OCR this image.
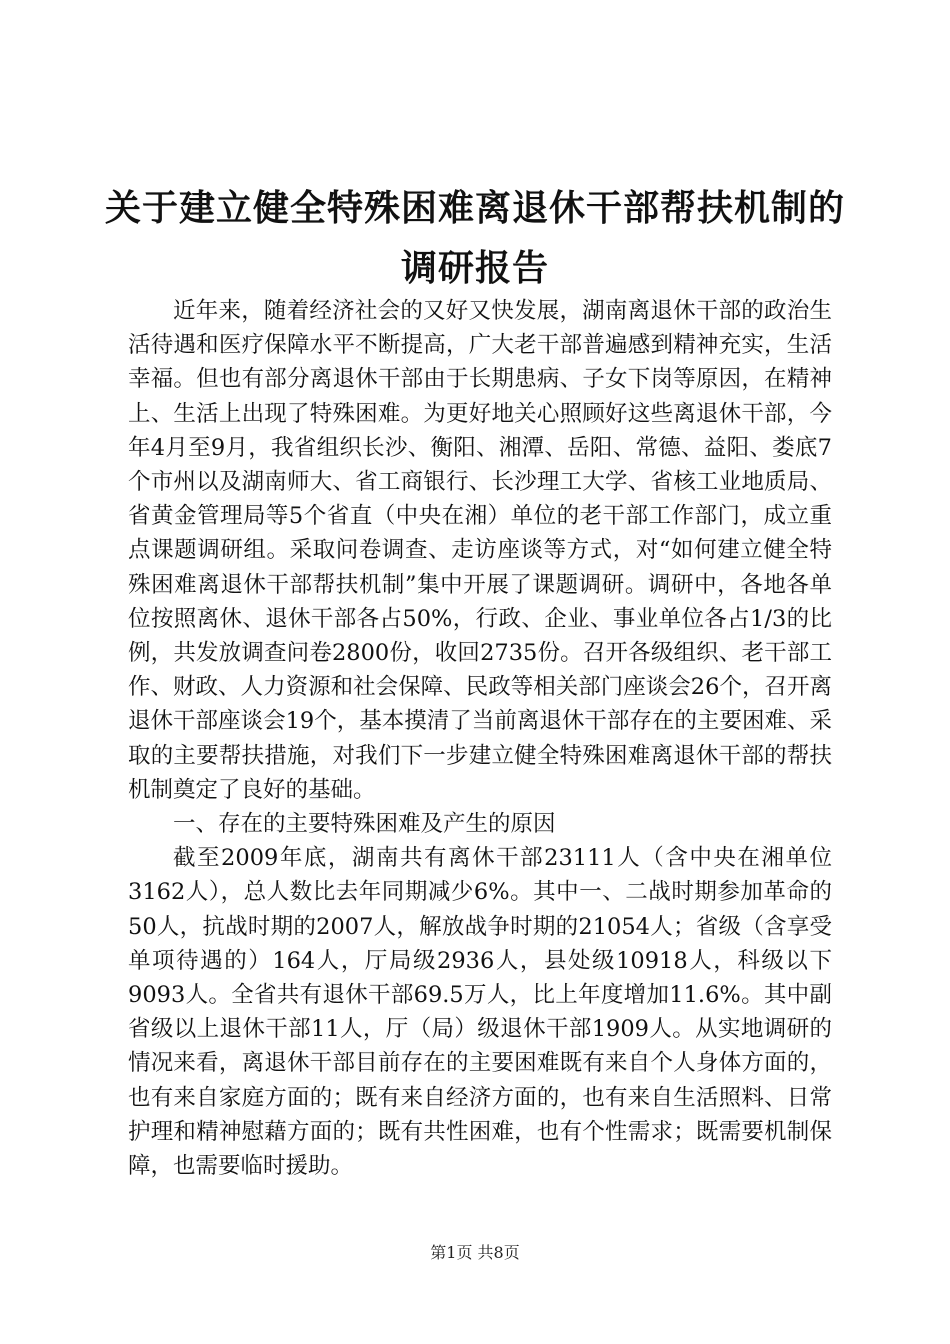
关于建立健全特殊困难离退休干部帮扶机制的
调研报告

近年来，随着经济社会的又好又快发展，湖南离退休干部的政治生活待遇和医疗保障水平不断提高，广大老干部普遍感到精神充实，生活幸福。但也有部分离退休干部由于长期患病、子女下岗等原因，在精神上、生活上出现了特殊困难。为更好地关心照顾好这些离退休干部，今年4月至9月，我省组织长沙、衡阳、湘潭、岳阳、常德、益阳、娄底7个市州以及湖南师大、省工商银行、长沙理工大学、省核工业地质局、省黄金管理局等5个省直（中央在湘）单位的老干部工作部门，成立重点课题调研组。采取问卷调查、走访座谈等方式，对“如何建立健全特殊困难离退休干部帮扶机制”集中开展了课题调研。调研中，各地各单位按照离休、退休干部各占50%，行政、企业、事业单位各占1/3的比例，共发放调查问卷2800份，收回2735份。召开各级组织、老干部工作、财政、人力资源和社会保障、民政等相关部门座谈会26个，召开离退休干部座谈会19个，基本摸清了当前离退休干部存在的主要困难、采取的主要帮扶措施，对我们下一步建立健全特殊困难离退休干部的帮扶机制奠定了良好的基础。

一、存在的主要特殊困难及产生的原因

截至2009年底，湖南共有离休干部23111人（含中央在湘单位3162人），总人数比去年同期减少6%。其中一、二战时期参加革命的50人，抗战时期的2007人，解放战争时期的21054人；省级（含享受单项待遇的）164人，厅局级2936人，县处级10918人，科级以下9093人。全省共有退休干部69.5万人，比上年度增加11.6%。其中副省级以上退休干部11人，厅（局）级退休干部1909人。从实地调研的情况来看，离退休干部目前存在的主要困难既有来自个人身体方面的，也有来自家庭方面的；既有来自经济方面的，也有来自生活照料、日常护理和精神慰藉方面的；既有共性困难，也有个性需求；既需要机制保障，也需要临时援助。

第1页 共8页
